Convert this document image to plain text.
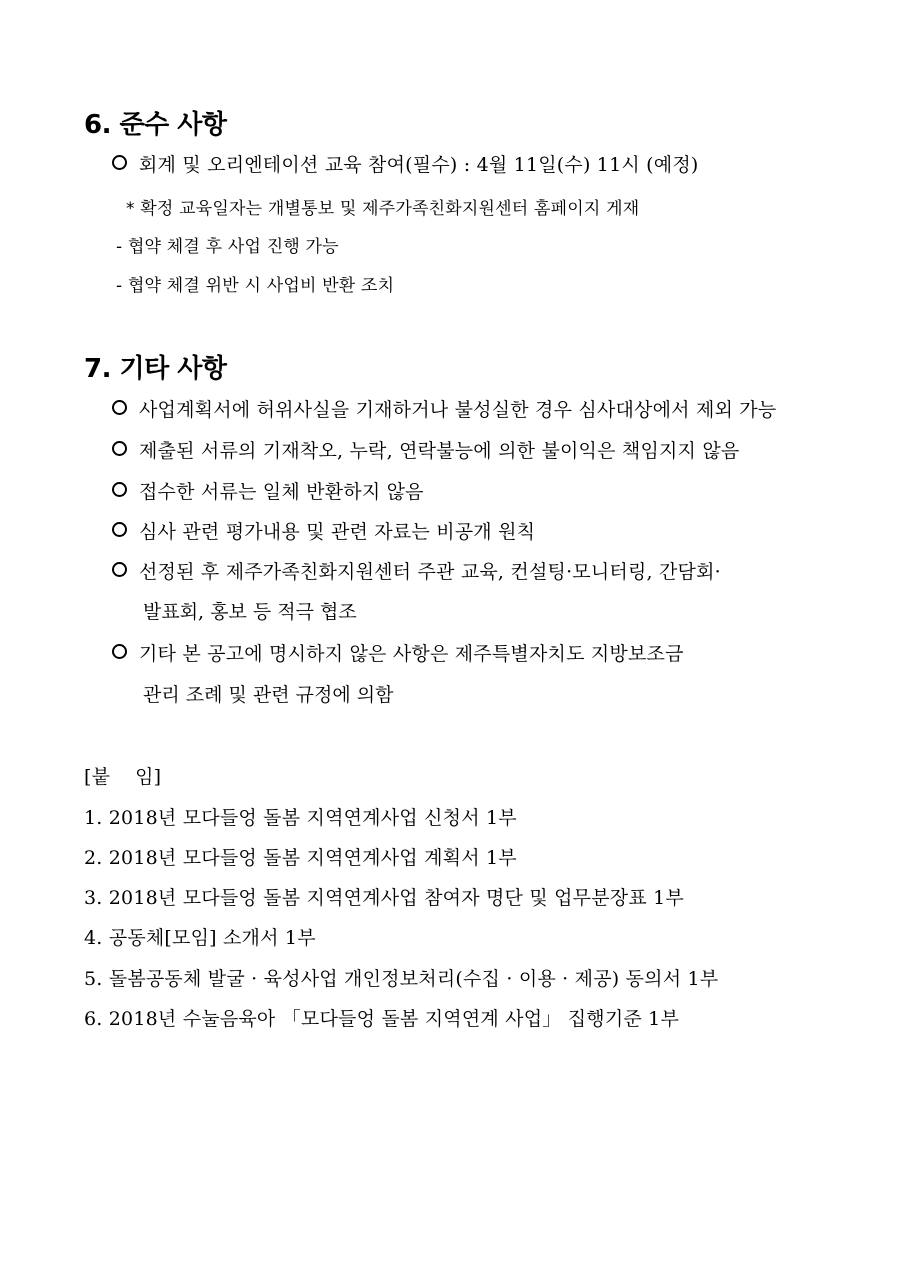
6. 준수 사항
회계 및 오리엔테이션 교육 참여(필수) : 4월 11일(수) 11시 (예정)
* 확정 교육일자는 개별통보 및 제주가족친화지원센터 홈페이지 게재
- 협약 체결 후 사업 진행 가능
- 협약 체결 위반 시 사업비 반환 조치
7. 기타 사항
사업계획서에 허위사실을 기재하거나 불성실한 경우 심사대상에서 제외 가능
제출된 서류의 기재착오, 누락, 연락불능에 의한 불이익은 책임지지 않음
접수한 서류는 일체 반환하지 않음
심사 관련 평가내용 및 관련 자료는 비공개 원칙
선정된 후 제주가족친화지원센터 주관 교육, 컨설팅·모니터링, 간담회·
발표회, 홍보 등 적극 협조
기타 본 공고에 명시하지 않은 사항은 제주특별자치도 지방보조금
관리 조례 및 관련 규정에 의함
[붙    임]
1. 2018년 모다들엉 돌봄 지역연계사업 신청서 1부
2. 2018년 모다들엉 돌봄 지역연계사업 계획서 1부
3. 2018년 모다들엉 돌봄 지역연계사업 참여자 명단 및 업무분장표 1부
4. 공동체[모임] 소개서 1부
5. 돌봄공동체 발굴 · 육성사업 개인정보처리(수집 · 이용 · 제공) 동의서 1부
6. 2018년 수눌음육아 「모다들엉 돌봄 지역연계 사업」 집행기준 1부
